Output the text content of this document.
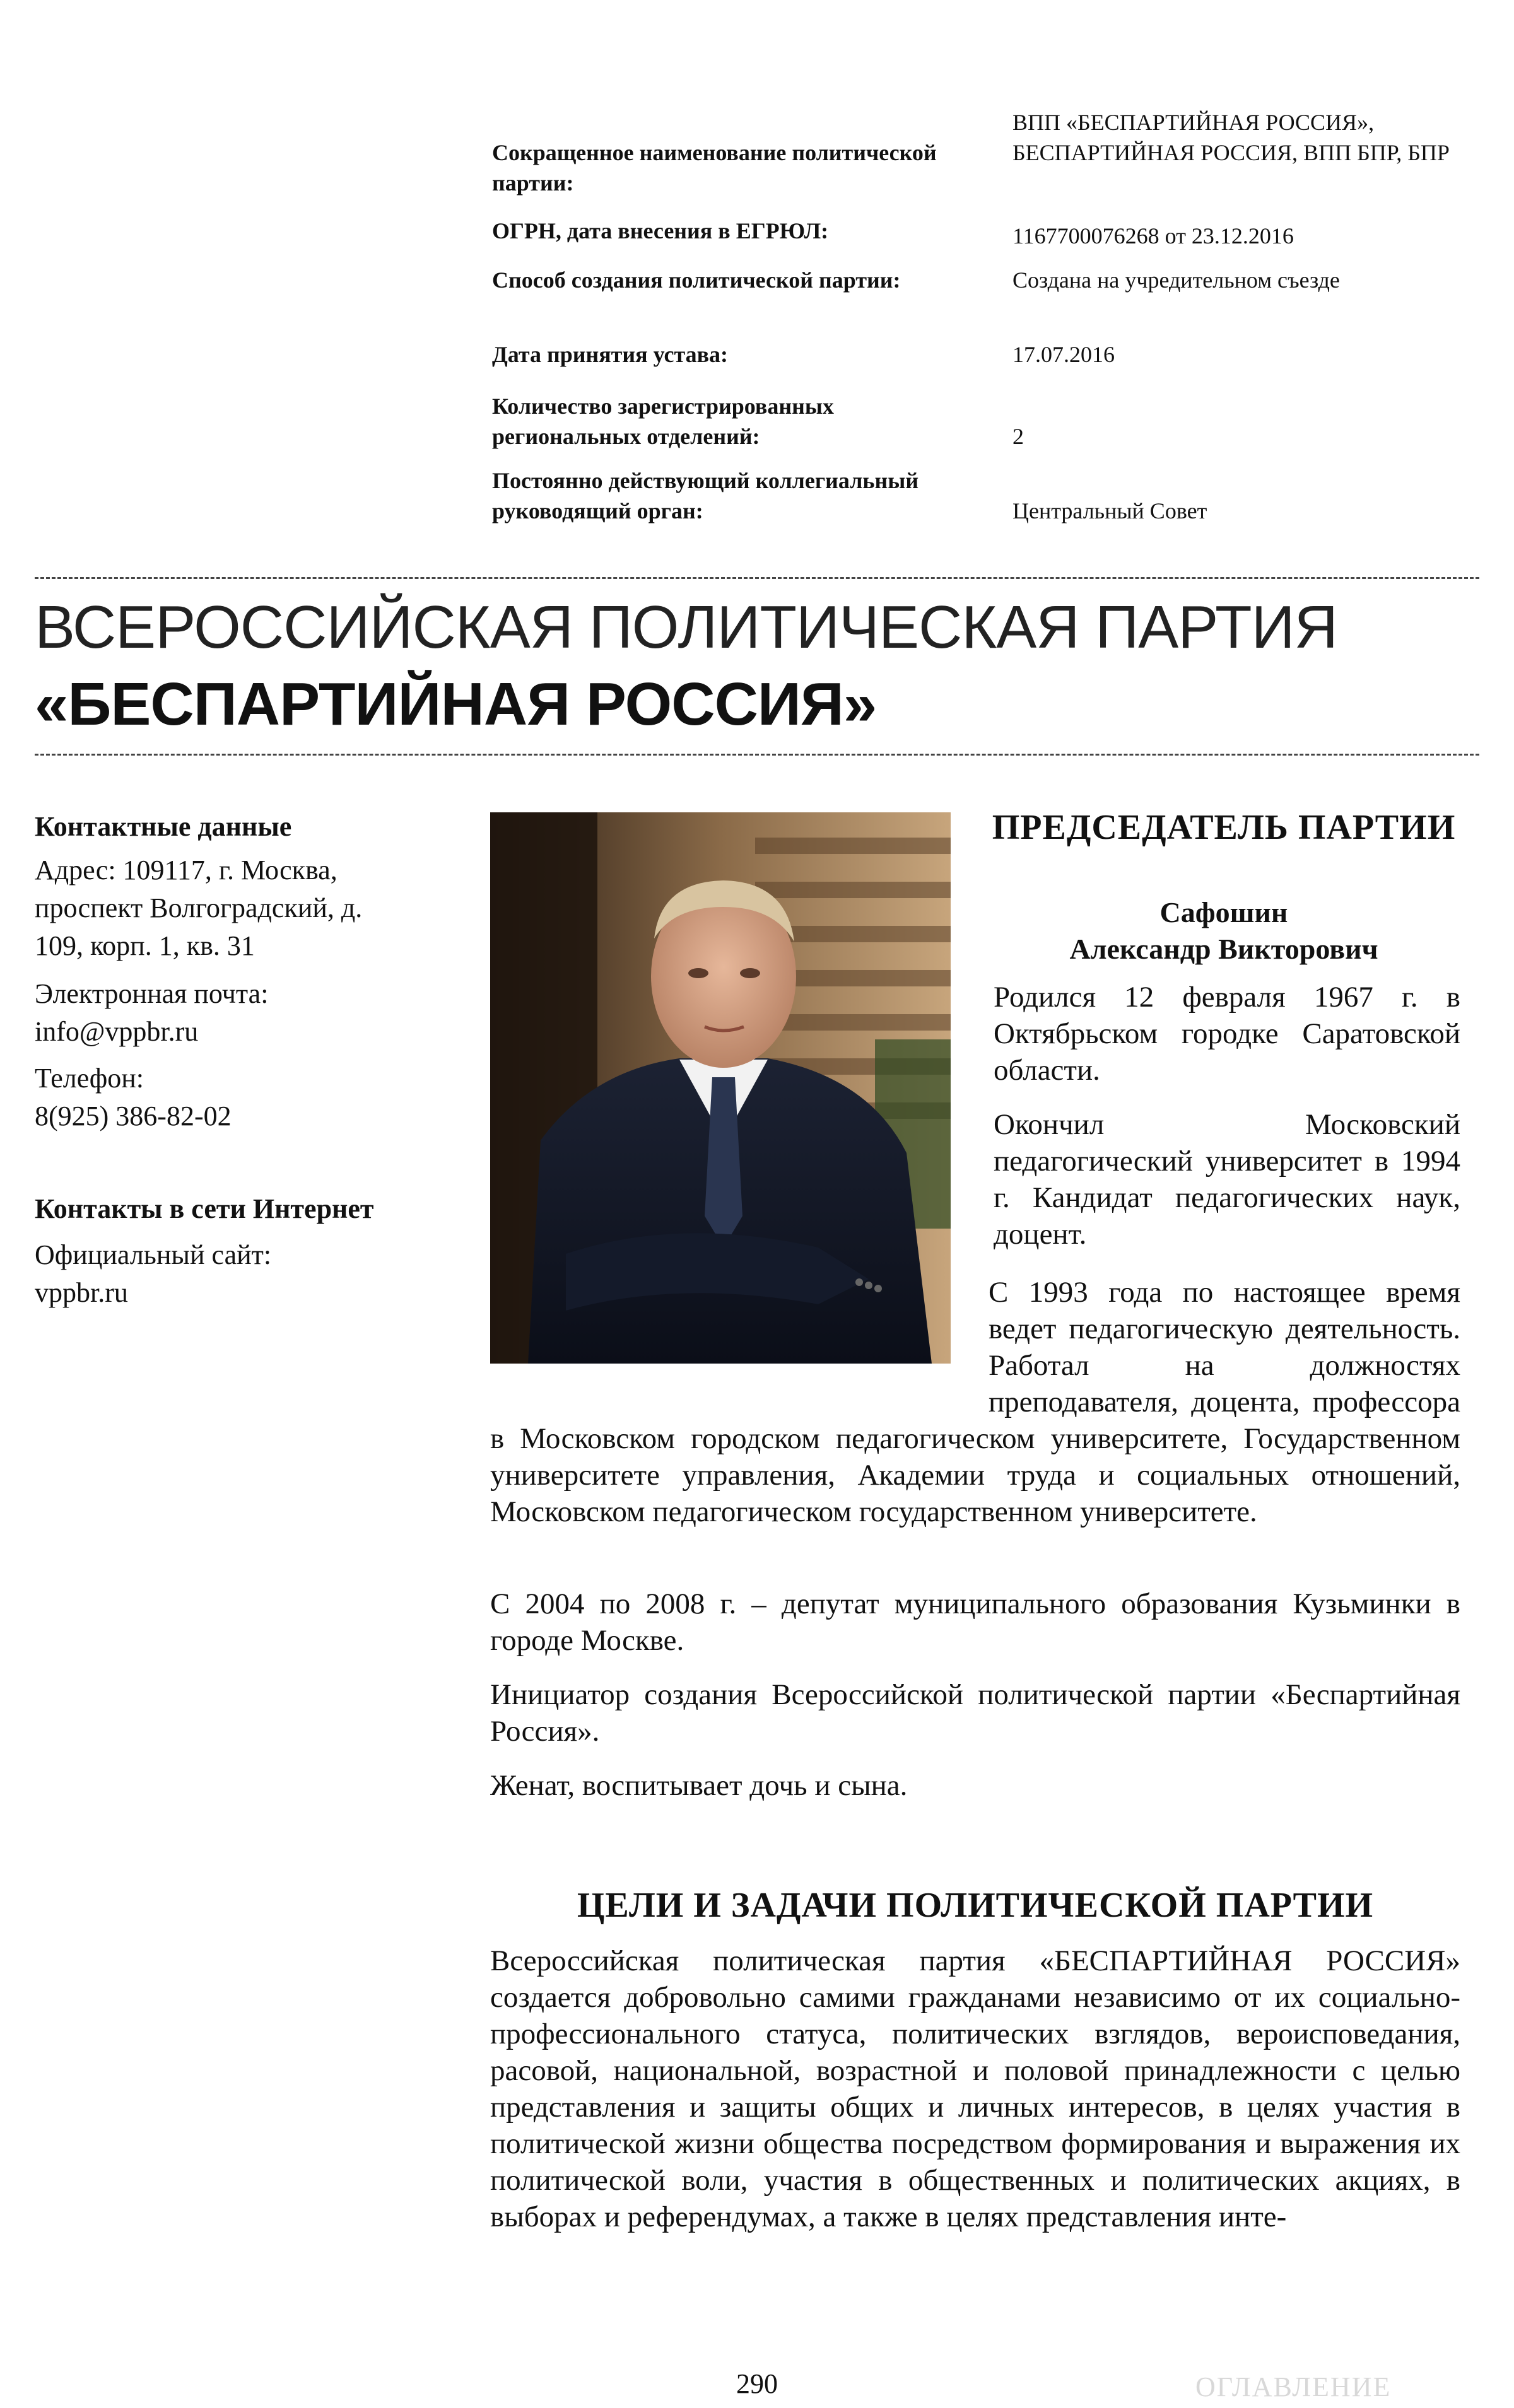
Сокращенное наименование политической партии:
ВПП «БЕСПАРТИЙНАЯ РОССИЯ», БЕСПАРТИЙНАЯ РОССИЯ, ВПП БПР, БПР
ОГРН, дата внесения в ЕГРЮЛ:	1167700076268 от 23.12.2016
Способ создания политической партии:	Создана на учредительном съезде
Дата принятия устава:	17.07.2016
Количество зарегистрированных региональных отделений:	2
Постоянно действующий коллегиальный руководящий орган:	Центральный Совет
ВСЕРОССИЙСКАЯ ПОЛИТИЧЕСКАЯ ПАРТИЯ
«БЕСПАРТИЙНАЯ РОССИЯ»
Контактные данные
Адрес: 109117, г. Москва, проспект Волгоградский, д. 109, корп. 1, кв. 31
Электронная почта:
info@vppbr.ru
Телефон:
8(925) 386-82-02
Контакты в сети Интернет
Официальный сайт:
vppbr.ru
ПРЕДСЕДАТЕЛЬ ПАРТИИ
Сафошин
Александр Викторович
Родился 12 февраля 1967 г. в Октябрьском городке Саратовской области.
Окончил Московский педагогический университет в 1994 г. Кандидат педагогических наук, доцент.
С 1993 года по настоящее время ведет педагогическую деятельность. Работал на должностях преподавателя, доцента, профессора в Московском городском педагогическом университете, Государственном университете управления, Академии труда и социальных отношений, Московском педагогическом государственном университете.
С 2004 по 2008 г. – депутат муниципального образования Кузьминки в городе Москве.
Инициатор создания Всероссийской политической партии «Беспартийная Россия».
Женат, воспитывает дочь и сына.
ЦЕЛИ И ЗАДАЧИ ПОЛИТИЧЕСКОЙ ПАРТИИ
Всероссийская политическая партия «БЕСПАРТИЙНАЯ РОССИЯ» создается добровольно самими гражданами независимо от их социально-профессионального статуса, политических взглядов, вероисповедания, расовой, национальной, возрастной и половой принадлежности с целью представления и защиты общих и личных интересов, в целях участия в политической жизни общества посредством формирования и выражения их политической воли, участия в общественных и политических акциях, в выборах и референдумах, а также в целях представления инте-
290	ОГЛАВЛЕНИЕ
